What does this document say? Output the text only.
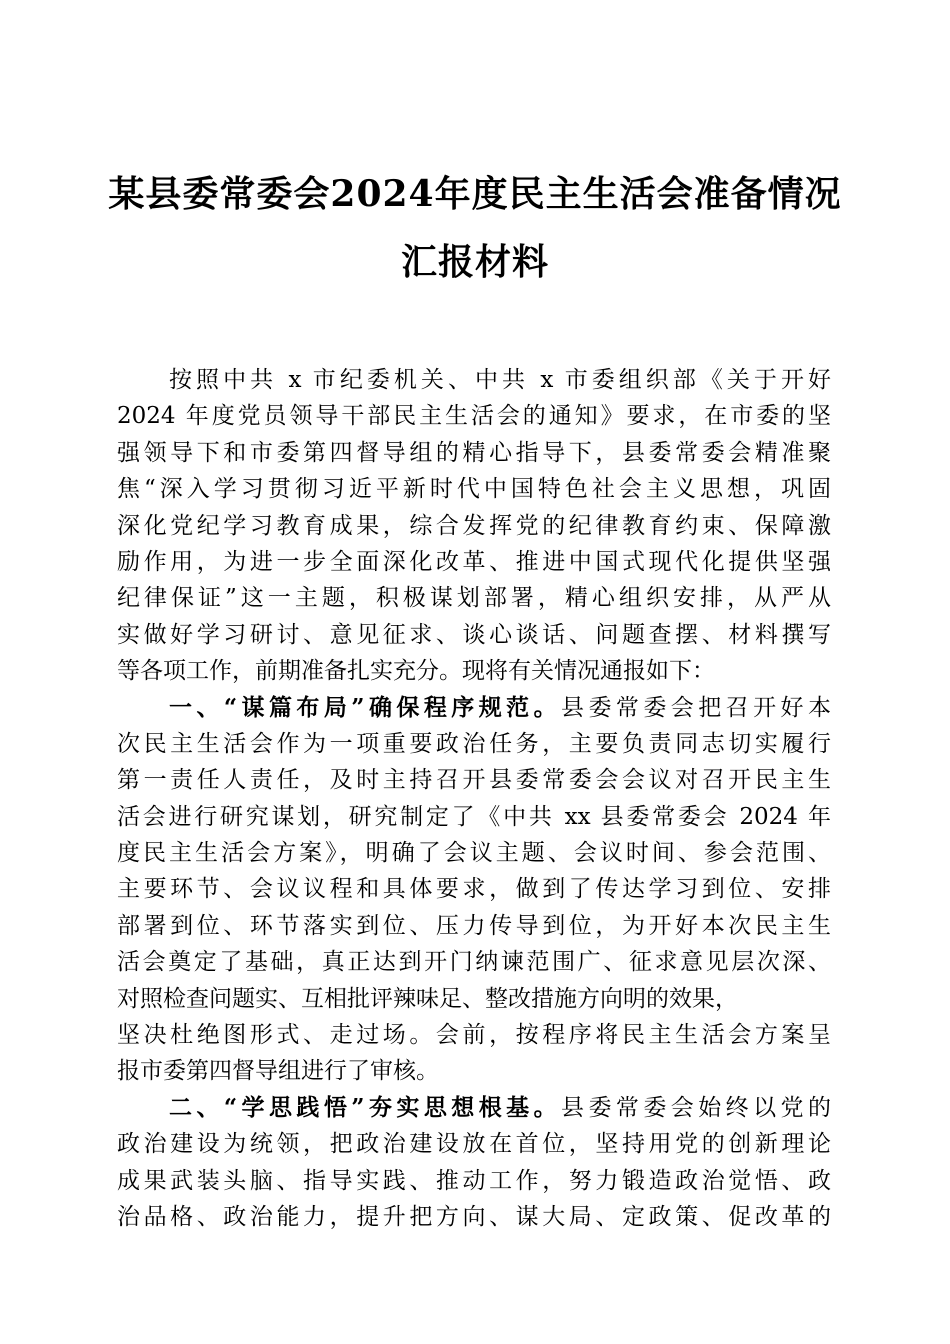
某县委常委会2024年度民主生活会准备情况
汇报材料
按照中共 x 市纪委机关、中共 x 市委组织部《关于开好
2024 年度党员领导干部民主生活会的通知》要求，在市委的坚
强领导下和市委第四督导组的精心指导下，县委常委会精准聚
焦“深入学习贯彻习近平新时代中国特色社会主义思想，巩固
深化党纪学习教育成果，综合发挥党的纪律教育约束、保障激
励作用，为进一步全面深化改革、推进中国式现代化提供坚强
纪律保证”这一主题，积极谋划部署，精心组织安排，从严从
实做好学习研讨、意见征求、谈心谈话、问题查摆、材料撰写
等各项工作，前期准备扎实充分。现将有关情况通报如下：
一、“谋篇布局”确保程序规范。县委常委会把召开好本
次民主生活会作为一项重要政治任务，主要负责同志切实履行
第一责任人责任，及时主持召开县委常委会会议对召开民主生
活会进行研究谋划，研究制定了《中共 xx 县委常委会 2024 年
度民主生活会方案》，明确了会议主题、会议时间、参会范围、
主要环节、会议议程和具体要求，做到了传达学习到位、安排
部署到位、环节落实到位、压力传导到位，为开好本次民主生
活会奠定了基础，真正达到开门纳谏范围广、征求意见层次深、
对照检查问题实、互相批评辣味足、整改措施方向明的效果，
坚决杜绝图形式、走过场。会前，按程序将民主生活会方案呈
报市委第四督导组进行了审核。
二、“学思践悟”夯实思想根基。县委常委会始终以党的
政治建设为统领，把政治建设放在首位，坚持用党的创新理论
成果武装头脑、指导实践、推动工作，努力锻造政治觉悟、政
治品格、政治能力，提升把方向、谋大局、定政策、促改革的
